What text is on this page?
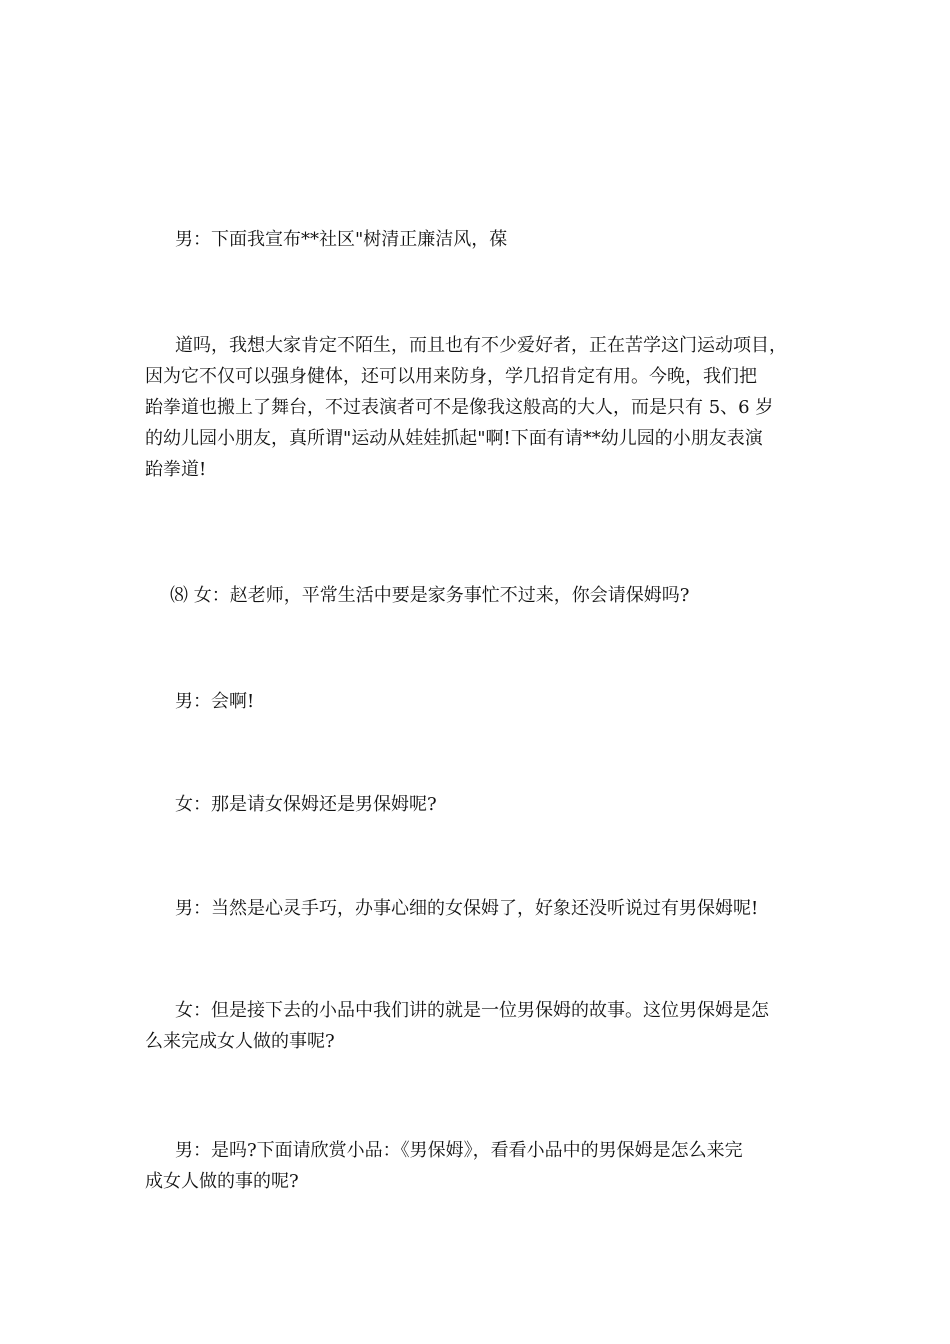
男：下面我宣布**社区"树清正廉洁风，葆

道吗，我想大家肯定不陌生，而且也有不少爱好者，正在苦学这门运动项目，
因为它不仅可以强身健体，还可以用来防身，学几招肯定有用。今晚，我们把
跆拳道也搬上了舞台，不过表演者可不是像我这般高的大人，而是只有 5、6 岁
的幼儿园小朋友，真所谓"运动从娃娃抓起"啊!下面有请**幼儿园的小朋友表演
跆拳道!

⑻ 女：赵老师，平常生活中要是家务事忙不过来，你会请保姆吗?

男：会啊!

女：那是请女保姆还是男保姆呢?

男：当然是心灵手巧，办事心细的女保姆了，好象还没听说过有男保姆呢!

女：但是接下去的小品中我们讲的就是一位男保姆的故事。这位男保姆是怎
么来完成女人做的事呢?

男：是吗?下面请欣赏小品：《男保姆》，看看小品中的男保姆是怎么来完
成女人做的事的呢?
